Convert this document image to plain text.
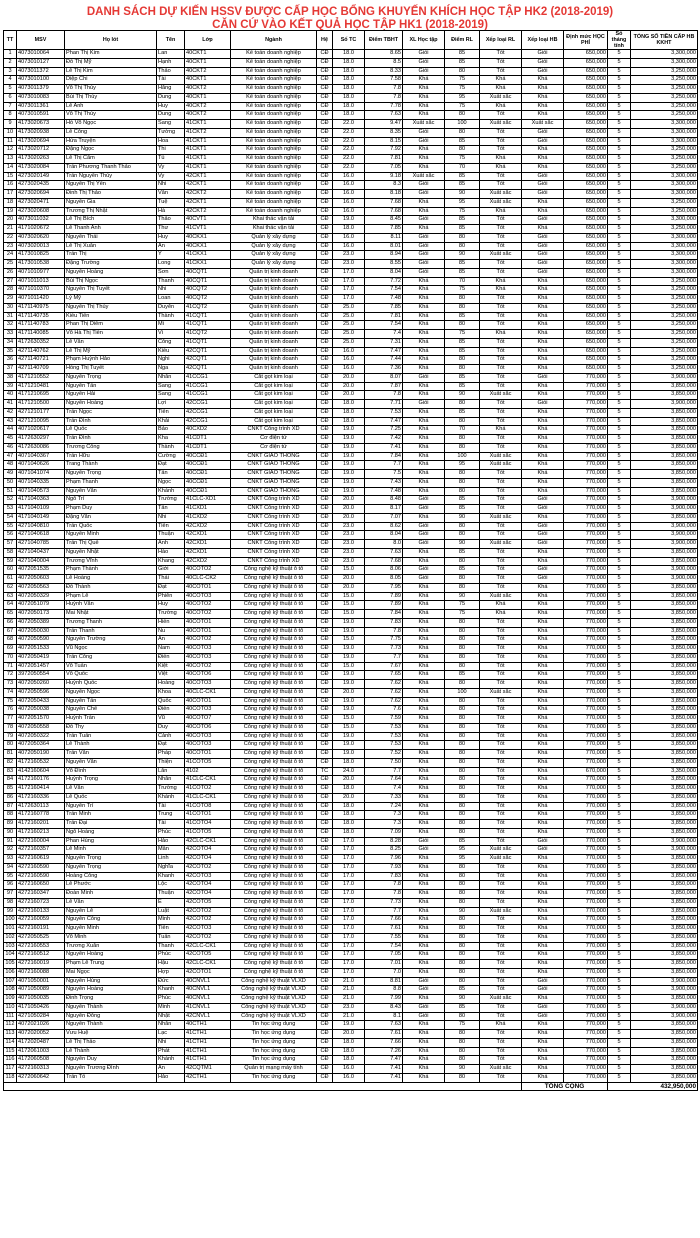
DANH SÁCH DỰ KIẾN HSSV ĐƯỢC CẤP HỌC BỔNG KHUYẾN KHÍCH HỌC TẬP HK2 (2018-2019)
CĂN CỨ VÀO KẾT QUẢ HỌC TẬP HK1 (2018-2019)
TT	MSV	Họ lót	Tên	Lớp	Ngành	Hệ	Số TC	Điểm TBHT	XL Học tập	Điểm RL	Xếp loại RL	Xếp loại HB	Định mức HỌC PHÍ	Số tháng tính	TỔNG SỐ TIỀN CẤP HB KKHT
1	4073010064	Phan Thị Kim	Lan	40CKT1	Kế toán doanh nghiệp	CĐ	18.0	8.65	Giỏi	85	Tốt	Giỏi	650,000	5	3,300,000
2	4073010127	Đỗ Thị Mỹ	Hạnh	40CKT1	Kế toán doanh nghiệp	CĐ	18.0	8.5	Giỏi	85	Tốt	Giỏi	650,000	5	3,300,000
3	4073011372	Lê Thị Kim	Thảo	40CKT2	Kế toán doanh nghiệp	CĐ	18.0	8.33	Giỏi	80	Tốt	Giỏi	650,000	5	3,250,000
4	4073010100	Diệp Chi	Tài	40CKT1	Kế toán doanh nghiệp	CĐ	18.0	7.58	Khá	75	Khá	Khá	650,000	5	3,250,000
5	4073011379	Võ Thị Thúy	Hằng	40CKT2	Kế toán doanh nghiệp	CĐ	18.0	7.8	Khá	75	Khá	Khá	650,000	5	3,250,000
6	4073010083	Bùi Thị Thùy	Dung	40CKT1	Kế toán doanh nghiệp	CĐ	18.0	7.8	Khá	95	Xuất sắc	Khá	650,000	5	3,250,000
7	4073011361	Lê Anh	Huy	40CKT2	Kế toán doanh nghiệp	CĐ	18.0	7.78	Khá	75	Khá	Khá	650,000	5	3,250,000
8	4073010591	Võ Thị Thúy	Dung	40CKT2	Kế toán doanh nghiệp	CĐ	18.0	7.63	Khá	80	Tốt	Khá	650,000	5	3,250,000
9	4173020673	Hồ Võ Ngọc	Sang	41CKT1	Kế toán doanh nghiệp	CĐ	22.0	9.47	Xuất sắc	100	Xuất sắc	Xuất sắc	650,000	5	3,300,000
10	4173020938	Lê Công	Tường	41CKT2	Kế toán doanh nghiệp	CĐ	22.0	8.35	Giỏi	80	Tốt	Giỏi	650,000	5	3,300,000
11	4173020694	Hứa Truyện	Hoa	41CKT1	Kế toán doanh nghiệp	CĐ	22.0	8.15	Giỏi	85	Tốt	Giỏi	650,000	5	3,300,000
12	4173020712	Đặng Ngọc	Thi	41CKT1	Kế toán doanh nghiệp	CĐ	22.0	7.92	Khá	80	Tốt	Khá	650,000	5	3,250,000
13	4173020263	Lê Thị Cẩm	Tú	41CKT1	Kế toán doanh nghiệp	CĐ	22.0	7.81	Khá	75	Khá	Khá	650,000	5	3,250,000
14	4173020084	Trần Phương Thanh Thảo	Vy	41CKT1	Kế toán doanh nghiệp	CĐ	22.0	7.05	Khá	70	Khá	Khá	650,000	5	3,250,000
15	4273020149	Trần Nguyễn Thúy	Vy	42CKT1	Kế toán doanh nghiệp	CĐ	16.0	9.18	Xuất sắc	85	Tốt	Giỏi	650,000	5	3,300,000
16	4273020435	Nguyễn Thị Yến	Nhi	42CKT1	Kế toán doanh nghiệp	CĐ	16.0	8.3	Giỏi	85	Tốt	Giỏi	650,000	5	3,300,000
17	4273020694	Đinh Thị Thảo	Vân	42CKT2	Kế toán doanh nghiệp	CĐ	16.0	8.18	Giỏi	90	Xuất sắc	Giỏi	650,000	5	3,300,000
18	4273020471	Nguyễn Gia	Tuệ	42CKT1	Kế toán doanh nghiệp	CĐ	16.0	7.68	Khá	95	Xuất sắc	Khá	650,000	5	3,250,000
19	4273020608	Trương Thị Nhật	Hà	42CKT2	Kế toán doanh nghiệp	CĐ	16.0	7.68	Khá	75	Khá	Khá	650,000	5	3,250,000
20	4073011032	Lê Thị Bích	Thảo	40CVT1	Khai thác vận tải	CĐ	19.0	8.45	Giỏi	85	Tốt	Giỏi	650,000	5	3,300,000
21	4171020672	Lê Thanh Anh	Thư	41CVT1	Khai thác vận tải	CĐ	18.0	7.85	Khá	85	Tốt	Khá	650,000	5	3,250,000
22	4073020620	Nguyễn Thái	Huy	40CKX1	Quản lý xây dựng	CĐ	16.0	8.11	Giỏi	80	Tốt	Giỏi	650,000	5	3,300,000
23	4073020013	Lê Thị Xuân	An	40CKX1	Quản lý xây dựng	CĐ	16.0	8.01	Giỏi	80	Tốt	Giỏi	650,000	5	3,300,000
24	4173010825	Trần Thị	Ý	41CKX1	Quản lý xây dựng	CĐ	23.0	8.94	Giỏi	90	Xuất sắc	Giỏi	650,000	5	3,300,000
25	4173010538	Đặng Trường	Long	41CKX1	Quản lý xây dựng	CĐ	23.0	8.55	Giỏi	85	Tốt	Giỏi	650,000	5	3,300,000
26	4071010977	Nguyễn Hoàng	Sơn	40CQT1	Quản trị kinh doanh	CĐ	17.0	8.04	Giỏi	85	Tốt	Giỏi	650,000	5	3,300,000
27	4071011013	Bùi Thị Ngọc	Thanh	40CQT1	Quản trị kinh doanh	CĐ	17.0	7.72	Khá	70	Khá	Khá	650,000	5	3,250,000
28	4071010370	Nguyễn Thị Tuyết	Nhi	40CQT2	Quản trị kinh doanh	CĐ	17.0	7.54	Khá	75	Khá	Khá	650,000	5	3,250,000
29	4071011420	Lý Mỹ	Loan	40CQT2	Quản trị kinh doanh	CĐ	17.0	7.48	Khá	80	Tốt	Khá	650,000	5	3,250,000
30	4171140975	Nguyễn Thị Thúy	Duyên	41CQT2	Quản trị kinh doanh	CĐ	25.0	7.85	Khá	80	Tốt	Khá	650,000	5	3,250,000
31	4171140735	Kiều Tiến	Thành	41CQT1	Quản trị kinh doanh	CĐ	25.0	7.81	Khá	85	Tốt	Khá	650,000	5	3,250,000
32	4171140783	Phan Thị Diễm	Mi	41CQT1	Quản trị kinh doanh	CĐ	25.0	7.54	Khá	80	Tốt	Khá	650,000	5	3,250,000
33	4171140085	Võ Hà Thị Tiến	Vi	41CQT2	Quản trị kinh doanh	CĐ	25.0	7.4	Khá	75	Khá	Khá	650,000	5	3,250,000
34	4172630352	Lê Văn	Công	41CQT1	Quản trị kinh doanh	CĐ	25.0	7.31	Khá	85	Tốt	Khá	650,000	5	3,250,000
35	4271140762	Lê Thị Mỹ	Kiều	42CQT1	Quản trị kinh doanh	CĐ	16.0	7.47	Khá	85	Tốt	Khá	650,000	5	3,250,000
36	4271140721	Phạm Huỳnh Hảo	Nghi	42CQT1	Quản trị kinh doanh	CĐ	16.0	7.44	Khá	80	Tốt	Khá	650,000	5	3,250,000
37	4271140709	Hồng Thị Tuyết	Nga	42CQT1	Quản trị kinh doanh	CĐ	16.0	7.36	Khá	80	Tốt	Khá	650,000	5	3,250,000
38	4171210552	Nguyễn Trọng	Nhân	41CCG1	Cắt gọt kim loại	CĐ	20.0	8.07	Giỏi	85	Tốt	Giỏi	770,000	5	3,900,000
39	4171210481	Nguyễn Tấn	Sang	41CCG1	Cắt gọt kim loại	CĐ	20.0	7.87	Khá	85	Tốt	Khá	770,000	5	3,850,000
40	4171210695	Nguyễn Hải	Sang	41CCG1	Cắt gọt kim loại	CĐ	20.0	7.8	Khá	90	Xuất sắc	Khá	770,000	5	3,850,000
41	4171210500	Nguyễn Hoàng	Lợi	42CCG1	Cắt gọt kim loại	CĐ	18.0	7.71	Giỏi	80	Tốt	Giỏi	770,000	5	3,900,000
42	4271210177	Trần Ngọc	Tiến	42CCG1	Cắt gọt kim loại	CĐ	18.0	7.53	Khá	85	Tốt	Khá	770,000	5	3,850,000
43	4271210095	Trần Đình	Khải	42CCG1	Cắt gọt kim loại	CĐ	18.0	7.47	Khá	80	Tốt	Khá	770,000	5	3,850,000
44	4071020617	Lê Quốc	Bảo	40CXD2	CNKT Công trình XD	CĐ	19.0	7.25	Khá	70	Khá	Khá	770,000	5	3,850,000
45	4172630297	Trần Đình	Kha	41CDT1	Cơ điện tử	CĐ	19.0	7.42	Khá	80	Tốt	Khá	770,000	5	3,850,000
46	4172630086	Trương Công	Thành	41CDT1	Cơ điện tử	CĐ	19.0	7.41	Khá	80	Tốt	Khá	770,000	5	3,850,000
47	4071040367	Trần Hữu	Cường	40CCĐ1	CNKT GIAO THÔNG	CĐ	19.0	7.84	Khá	100	Xuất sắc	Khá	770,000	5	3,850,000
48	4071040626	Trang Thành	Đạt	40CCĐ1	CNKT GIAO THÔNG	CĐ	19.0	7.7	Khá	95	Xuất sắc	Khá	770,000	5	3,850,000
49	4071041074	Nguyễn Trọng	Tấn	40CCĐ1	CNKT GIAO THÔNG	CĐ	19.0	7.5	Khá	80	Tốt	Khá	770,000	5	3,850,000
50	4071040335	Phạm Thanh	Ngọc	40CCĐ1	CNKT GIAO THÔNG	CĐ	19.0	7.43	Khá	80	Tốt	Khá	770,000	5	3,850,000
51	4071040573	Nguyễn Văn	Khánh	40CCĐ1	CNKT GIAO THÔNG	CĐ	19.0	7.48	Khá	80	Tốt	Khá	770,000	5	3,850,000
52	4171040363	Ngô Trí	Trường	41CLC-XD1	CNKT Công trình XD	CĐ	20.0	8.48	Giỏi	85	Tốt	Giỏi	770,000	5	3,900,000
53	4171040109	Phạm Duy	Tấn	41CXD1	CNKT Công trình XD	CĐ	20.0	8.17	Giỏi	85	Tốt	Giỏi	770,000	5	3,900,000
54	4171040149	Đặng Văn	Nhi	41CXD2	CNKT Công trình XD	CĐ	20.0	7.07	Khá	90	Xuất sắc	Khá	770,000	5	3,850,000
55	4271040810	Trần Quốc	Tiến	42CXD2	CNKT Công trình XD	CĐ	23.0	8.62	Giỏi	80	Tốt	Giỏi	770,000	5	3,900,000
56	4271040618	Nguyễn Minh	Thuận	42CXD1	CNKT Công trình XD	CĐ	23.0	8.04	Giỏi	80	Tốt	Giỏi	770,000	5	3,900,000
57	4271040785	Trần Thị Quế	Anh	42CXD1	CNKT Công trình XD	CĐ	23.0	8.0	Giỏi	90	Xuất sắc	Giỏi	770,000	5	3,900,000
58	4271040437	Nguyễn Nhật	Hào	42CXD1	CNKT Công trình XD	CĐ	23.0	7.63	Khá	85	Tốt	Khá	770,000	5	3,850,000
59	4271040004	Trương Vĩnh	Khang	42CXD2	CNKT Công trình XD	CĐ	23.0	7.68	Khá	80	Tốt	Khá	770,000	5	3,850,000
60	4072051535	Phạm Thành	Giới	40COTO2	Công nghệ kỹ thuật ô tô	CĐ	15.0	8.06	Giỏi	85	Tốt	Giỏi	770,000	5	3,900,000
61	4072050603	Lê Hoàng	Thái	40CLC-CK2	Công nghệ kỹ thuật ô tô	CĐ	20.0	8.05	Giỏi	80	Tốt	Giỏi	770,000	5	3,900,000
62	4072050563	Đỗ Thành	Đạt	40COTO1	Công nghệ kỹ thuật ô tô	CĐ	20.0	7.95	Khá	80	Tốt	Khá	770,000	5	3,850,000
63	4072050329	Phạm Lê	Phiên	40COTO3	Công nghệ kỹ thuật ô tô	CĐ	15.0	7.89	Khá	90	Xuất sắc	Khá	770,000	5	3,850,000
64	4072051079	Huỳnh Văn	Huy	40COTO2	Công nghệ kỹ thuật ô tô	CĐ	15.0	7.89	Khá	75	Khá	Khá	770,000	5	3,850,000
65	4072050173	Mai Nhật	Trường	40COTO2	Công nghệ kỹ thuật ô tô	CĐ	15.0	7.84	Khá	75	Khá	Khá	770,000	5	3,850,000
66	4072050389	Trương Thanh	Hiền	40COTO1	Công nghệ kỹ thuật ô tô	CĐ	19.0	7.83	Khá	80	Tốt	Khá	770,000	5	3,850,000
67	4072050030	Trần Thanh	Nu	40COTO1	Công nghệ kỹ thuật ô tô	CĐ	19.0	7.8	Khá	80	Tốt	Khá	770,000	5	3,850,000
68	4072050590	Nguyễn Trường	Ân	40COTO2	Công nghệ kỹ thuật ô tô	CĐ	15.0	7.75	Khá	80	Tốt	Khá	770,000	5	3,850,000
69	4072051533	Vũ Ngọc	Nam	40COTO3	Công nghệ kỹ thuật ô tô	CĐ	19.0	7.73	Khá	80	Tốt	Khá	770,000	5	3,850,000
70	4072050419	Trần Công	Điền	40COTO3	Công nghệ kỹ thuật ô tô	CĐ	19.0	7.7	Khá	80	Tốt	Khá	770,000	5	3,850,000
71	4072051457	Võ Tuấn	Kiệt	40COTO2	Công nghệ kỹ thuật ô tô	CĐ	15.0	7.67	Khá	80	Tốt	Khá	770,000	5	3,850,000
72	3972050554	Võ Quốc	Việt	40COTO6	Công nghệ kỹ thuật ô tô	CĐ	19.0	7.65	Khá	85	Tốt	Khá	770,000	5	3,850,000
73	4072050260	Huỳnh Quốc	Hoàng	40COTO3	Công nghệ kỹ thuật ô tô	CĐ	19.0	7.62	Khá	80	Tốt	Khá	770,000	5	3,850,000
74	4072050596	Nguyễn Ngọc	Khoa	40CLC-CK1	Công nghệ kỹ thuật ô tô	CĐ	20.0	7.62	Khá	100	Xuất sắc	Khá	770,000	5	3,850,000
75	4072050433	Nguyễn Tấn	Quốc	40COTO1	Công nghệ kỹ thuật ô tô	CĐ	19.0	7.62	Khá	80	Tốt	Khá	770,000	5	3,850,000
76	4072050038	Nguyễn Chế	Điền	40COTO3	Công nghệ kỹ thuật ô tô	CĐ	19.0	7.6	Khá	80	Tốt	Khá	770,000	5	3,850,000
77	4072051570	Huỳnh Trần	Vũ	40COTO7	Công nghệ kỹ thuật ô tô	CĐ	15.0	7.59	Khá	80	Tốt	Khá	770,000	5	3,850,000
78	4072050558	Đỗ Thy	Duy	40COTO6	Công nghệ kỹ thuật ô tô	CĐ	15.0	7.53	Khá	80	Tốt	Khá	770,000	5	3,850,000
79	4072050322	Trần Tuấn	Cảnh	40COTO3	Công nghệ kỹ thuật ô tô	CĐ	19.0	7.53	Khá	80	Tốt	Khá	770,000	5	3,850,000
80	4072050364	Lê Thành	Đạt	40COTO3	Công nghệ kỹ thuật ô tô	CĐ	19.0	7.53	Khá	80	Tốt	Khá	770,000	5	3,850,000
81	4072050190	Trần Văn	Pháp	40COTO1	Công nghệ kỹ thuật ô tô	CĐ	19.0	7.52	Khá	80	Tốt	Khá	770,000	5	3,850,000
82	4172160532	Nguyễn Văn	Thiện	41COTO5	Công nghệ kỹ thuật ô tô	CĐ	18.0	7.50	Khá	80	Tốt	Khá	770,000	5	3,850,000
83	4142160604	Võ Đình	Lân	4102	Công nghệ kỹ thuật ô tô	TC	24.0	7.7	Khá	80	Tốt	Khá	670,000	5	3,350,000
84	4172160176	Huỳnh Trọng	Nhân	41CLC-CK1	Công nghệ kỹ thuật ô tô	CĐ	20.0	7.64	Khá	80	Tốt	Khá	770,000	5	3,850,000
85	4172160414	Lê Văn	Trường	41COTO2	Công nghệ kỹ thuật ô tô	CĐ	18.0	7.4	Khá	80	Tốt	Khá	770,000	5	3,850,000
86	4172160336	Lê Quốc	Khánh	41CLC-CK1	Công nghệ kỹ thuật ô tô	CĐ	20.0	7.33	Khá	80	Tốt	Khá	770,000	5	3,850,000
87	4172630113	Nguyễn Trí	Tài	41COTO8	Công nghệ kỹ thuật ô tô	CĐ	18.0	7.24	Khá	80	Tốt	Khá	770,000	5	3,850,000
88	4172160778	Trần Minh	Trung	41COTO1	Công nghệ kỹ thuật ô tô	CĐ	18.0	7.3	Khá	80	Tốt	Khá	770,000	5	3,850,000
89	4172160201	Trần Đại	Tài	41COTO4	Công nghệ kỹ thuật ô tô	CĐ	18.0	7.3	Khá	80	Tốt	Khá	770,000	5	3,850,000
90	4172160213	Ngô Hoàng	Phúc	41COTO5	Công nghệ kỹ thuật ô tô	CĐ	18.0	7.09	Khá	80	Tốt	Khá	770,000	5	3,850,000
91	4272160004	Phan Hùng	Hảo	42CLC-CK1	Công nghệ kỹ thuật ô tô	CĐ	17.0	8.28	Giỏi	85	Tốt	Giỏi	770,000	5	3,900,000
92	4272160357	Lê Minh	Mẫn	42COTO4	Công nghệ kỹ thuật ô tô	CĐ	17.0	8.25	Giỏi	95	Xuất sắc	Giỏi	770,000	5	3,900,000
93	4272160619	Nguyễn Trọng	Linh	42COTO4	Công nghệ kỹ thuật ô tô	CĐ	17.0	7.96	Khá	95	Xuất sắc	Khá	770,000	5	3,850,000
94	4272160590	Nguyễn Trọng	Nghĩa	42COTO2	Công nghệ kỹ thuật ô tô	CĐ	17.0	7.93	Khá	80	Tốt	Khá	770,000	5	3,850,000
95	4272160590	Hoàng Công	Khanh	42COTO3	Công nghệ kỹ thuật ô tô	CĐ	17.0	7.83	Khá	80	Tốt	Khá	770,000	5	3,850,000
96	4272160650	Lê Phước	Lộc	42COTO4	Công nghệ kỹ thuật ô tô	CĐ	17.0	7.8	Khá	80	Tốt	Khá	770,000	5	3,850,000
97	4272160347	Đoàn Minh	Thuận	42COTO4	Công nghệ kỹ thuật ô tô	CĐ	17.0	7.8	Khá	80	Tốt	Khá	770,000	5	3,850,000
98	4272160723	Lê Văn	Ê	42COTO5	Công nghệ kỹ thuật ô tô	CĐ	17.0	7.73	Khá	80	Tốt	Khá	770,000	5	3,850,000
99	4272160133	Nguyễn Lê	Luật	42COTO2	Công nghệ kỹ thuật ô tô	CĐ	17.0	7.7	Khá	90	Xuất sắc	Khá	770,000	5	3,850,000
100	4272160059	Nguyễn Công	Minh	42COTO2	Công nghệ kỹ thuật ô tô	CĐ	17.0	7.66	Khá	80	Tốt	Khá	770,000	5	3,850,000
101	4272160191	Nguyễn Minh	Tiến	42COTO3	Công nghệ kỹ thuật ô tô	CĐ	17.0	7.61	Khá	80	Tốt	Khá	770,000	5	3,850,000
102	4272050525	Võ Minh	Tuấn	42COTO2	Công nghệ kỹ thuật ô tô	CĐ	17.0	7.55	Khá	80	Tốt	Khá	770,000	5	3,850,000
103	4272160553	Trương Xuân	Thanh	42CLC-CK1	Công nghệ kỹ thuật ô tô	CĐ	17.0	7.54	Khá	80	Tốt	Khá	770,000	5	3,850,000
104	4272160512	Nguyễn Hoàng	Phúc	42COTO5	Công nghệ kỹ thuật ô tô	CĐ	17.0	7.05	Khá	80	Tốt	Khá	770,000	5	3,850,000
105	4272160019	Phạm Lê Trung	Hậu	42CLC-CK1	Công nghệ kỹ thuật ô tô	CĐ	17.0	7.01	Khá	80	Tốt	Khá	770,000	5	3,850,000
106	4072160088	Mai Ngọc	Hợp	42COTO1	Công nghệ kỹ thuật ô tô	CĐ	17.0	7.0	Khá	80	Tốt	Khá	770,000	5	3,850,000
107	4071050001	Nguyễn Hùng	Đức	40CNVL1	Công nghệ kỹ thuật VLXD	CĐ	21.0	8.81	Giỏi	80	Tốt	Giỏi	770,000	5	3,900,000
108	4071050089	Nguyễn Hoàng	Khanh	40CNVL1	Công nghệ kỹ thuật VLXD	CĐ	21.0	8.8	Giỏi	85	Tốt	Giỏi	770,000	5	3,900,000
109	4071050035	Đinh Trọng	Phúc	40CNVL1	Công nghệ kỹ thuật VLXD	CĐ	21.0	7.99	Khá	90	Xuất sắc	Khá	770,000	5	3,850,000
110	4171050426	Nguyễn Thành	Minh	41CNVL1	Công nghệ kỹ thuật VLXD	CĐ	23.0	8.43	Giỏi	85	Tốt	Giỏi	770,000	5	3,900,000
111	4271050284	Nguyễn Đông	Nhật	42CNVL1	Công nghệ kỹ thuật VLXD	CĐ	21.0	8.1	Giỏi	80	Tốt	Giỏi	770,000	5	3,900,000
112	4072021026	Nguyễn Thành	Nhân	40CTH1	Tin học ứng dụng	CĐ	19.0	7.63	Khá	75	Khá	Khá	770,000	5	3,850,000
113	4072020052	Vưu Huệ	Lạc	41CTH1	Tin học ứng dụng	CĐ	20.0	7.61	Khá	80	Tốt	Khá	770,000	5	3,850,000
114	4172020487	Lê Thị Thảo	Nhi	41CTH1	Tin học ứng dụng	CĐ	18.0	7.66	Khá	80	Tốt	Khá	770,000	5	3,850,000
115	4172061003	Lê Thành	Phát	41CTH1	Tin học ứng dụng	CĐ	18.0	7.26	Khá	80	Tốt	Khá	770,000	5	3,850,000
116	4172060508	Nguyễn Duy	Khánh	41CTH1	Tin học ứng dụng	CĐ	18.0	7.47	Khá	80	Tốt	Khá	770,000	5	3,850,000
117	4272160313	Nguyễn Trương Đình	Ân	42CQTM1	Quản trị mạng máy tính	CĐ	16.0	7.41	Khá	90	Xuất sắc	Khá	770,000	5	3,850,000
118	4272060642	Trần Tố	Hảo	42CTH1	Tin học ứng dụng	CĐ	16.0	7.41	Khá	80	Tốt	Khá	770,000	5	3,850,000
												TỔNG CỘNG		432,950,000	
